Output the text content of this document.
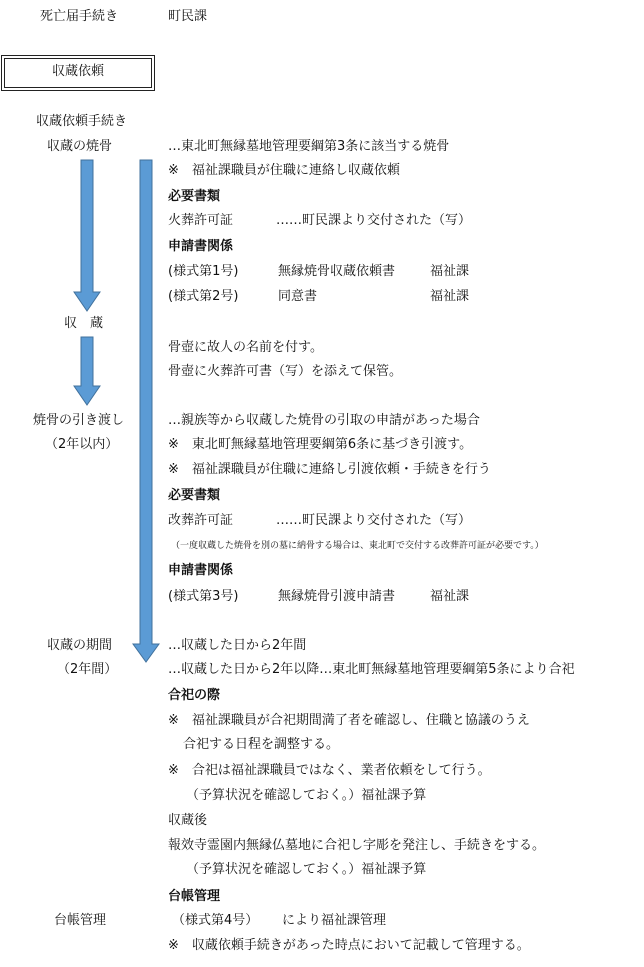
死亡届手続き	町民課
収蔵依頼
収蔵依頼手続き
収蔵の焼骨
収　蔵
焼骨の引き渡し
（2年以内）
収蔵の期間
（2年間）
台帳管理
…東北町無縁墓地管理要綱第3条に該当する焼骨
※　福祉課職員が住職に連絡し収蔵依頼
必要書類
火葬許可証	……町民課より交付された（写）
申請書関係
(様式第1号)	無縁焼骨収蔵依頼書	福祉課
(様式第2号)	同意書	福祉課
骨壺に故人の名前を付す。
骨壺に火葬許可書（写）を添えて保管。
…親族等から収蔵した焼骨の引取の申請があった場合
※　東北町無縁墓地管理要綱第6条に基づき引渡す。
※　福祉課職員が住職に連絡し引渡依頼・手続きを行う
必要書類
改葬許可証	……町民課より交付された（写）
（一度収蔵した焼骨を別の墓に納骨する場合は、東北町で交付する改葬許可証が必要です。）
申請書関係
(様式第3号)	無縁焼骨引渡申請書	福祉課
…収蔵した日から2年間
…収蔵した日から2年以降…東北町無縁墓地管理要綱第5条により合祀
合祀の際
※　福祉課職員が合祀期間満了者を確認し、住職と協議のうえ
合祀する日程を調整する。
※　合祀は福祉課職員ではなく、業者依頼をして行う。
（予算状況を確認しておく。）福祉課予算
収蔵後
報效寺霊園内無縁仏墓地に合祀し字彫を発注し、手続きをする。
（予算状況を確認しておく。）福祉課予算
台帳管理
（様式第4号） により福祉課管理
※　収蔵依頼手続きがあった時点において記載して管理する。
